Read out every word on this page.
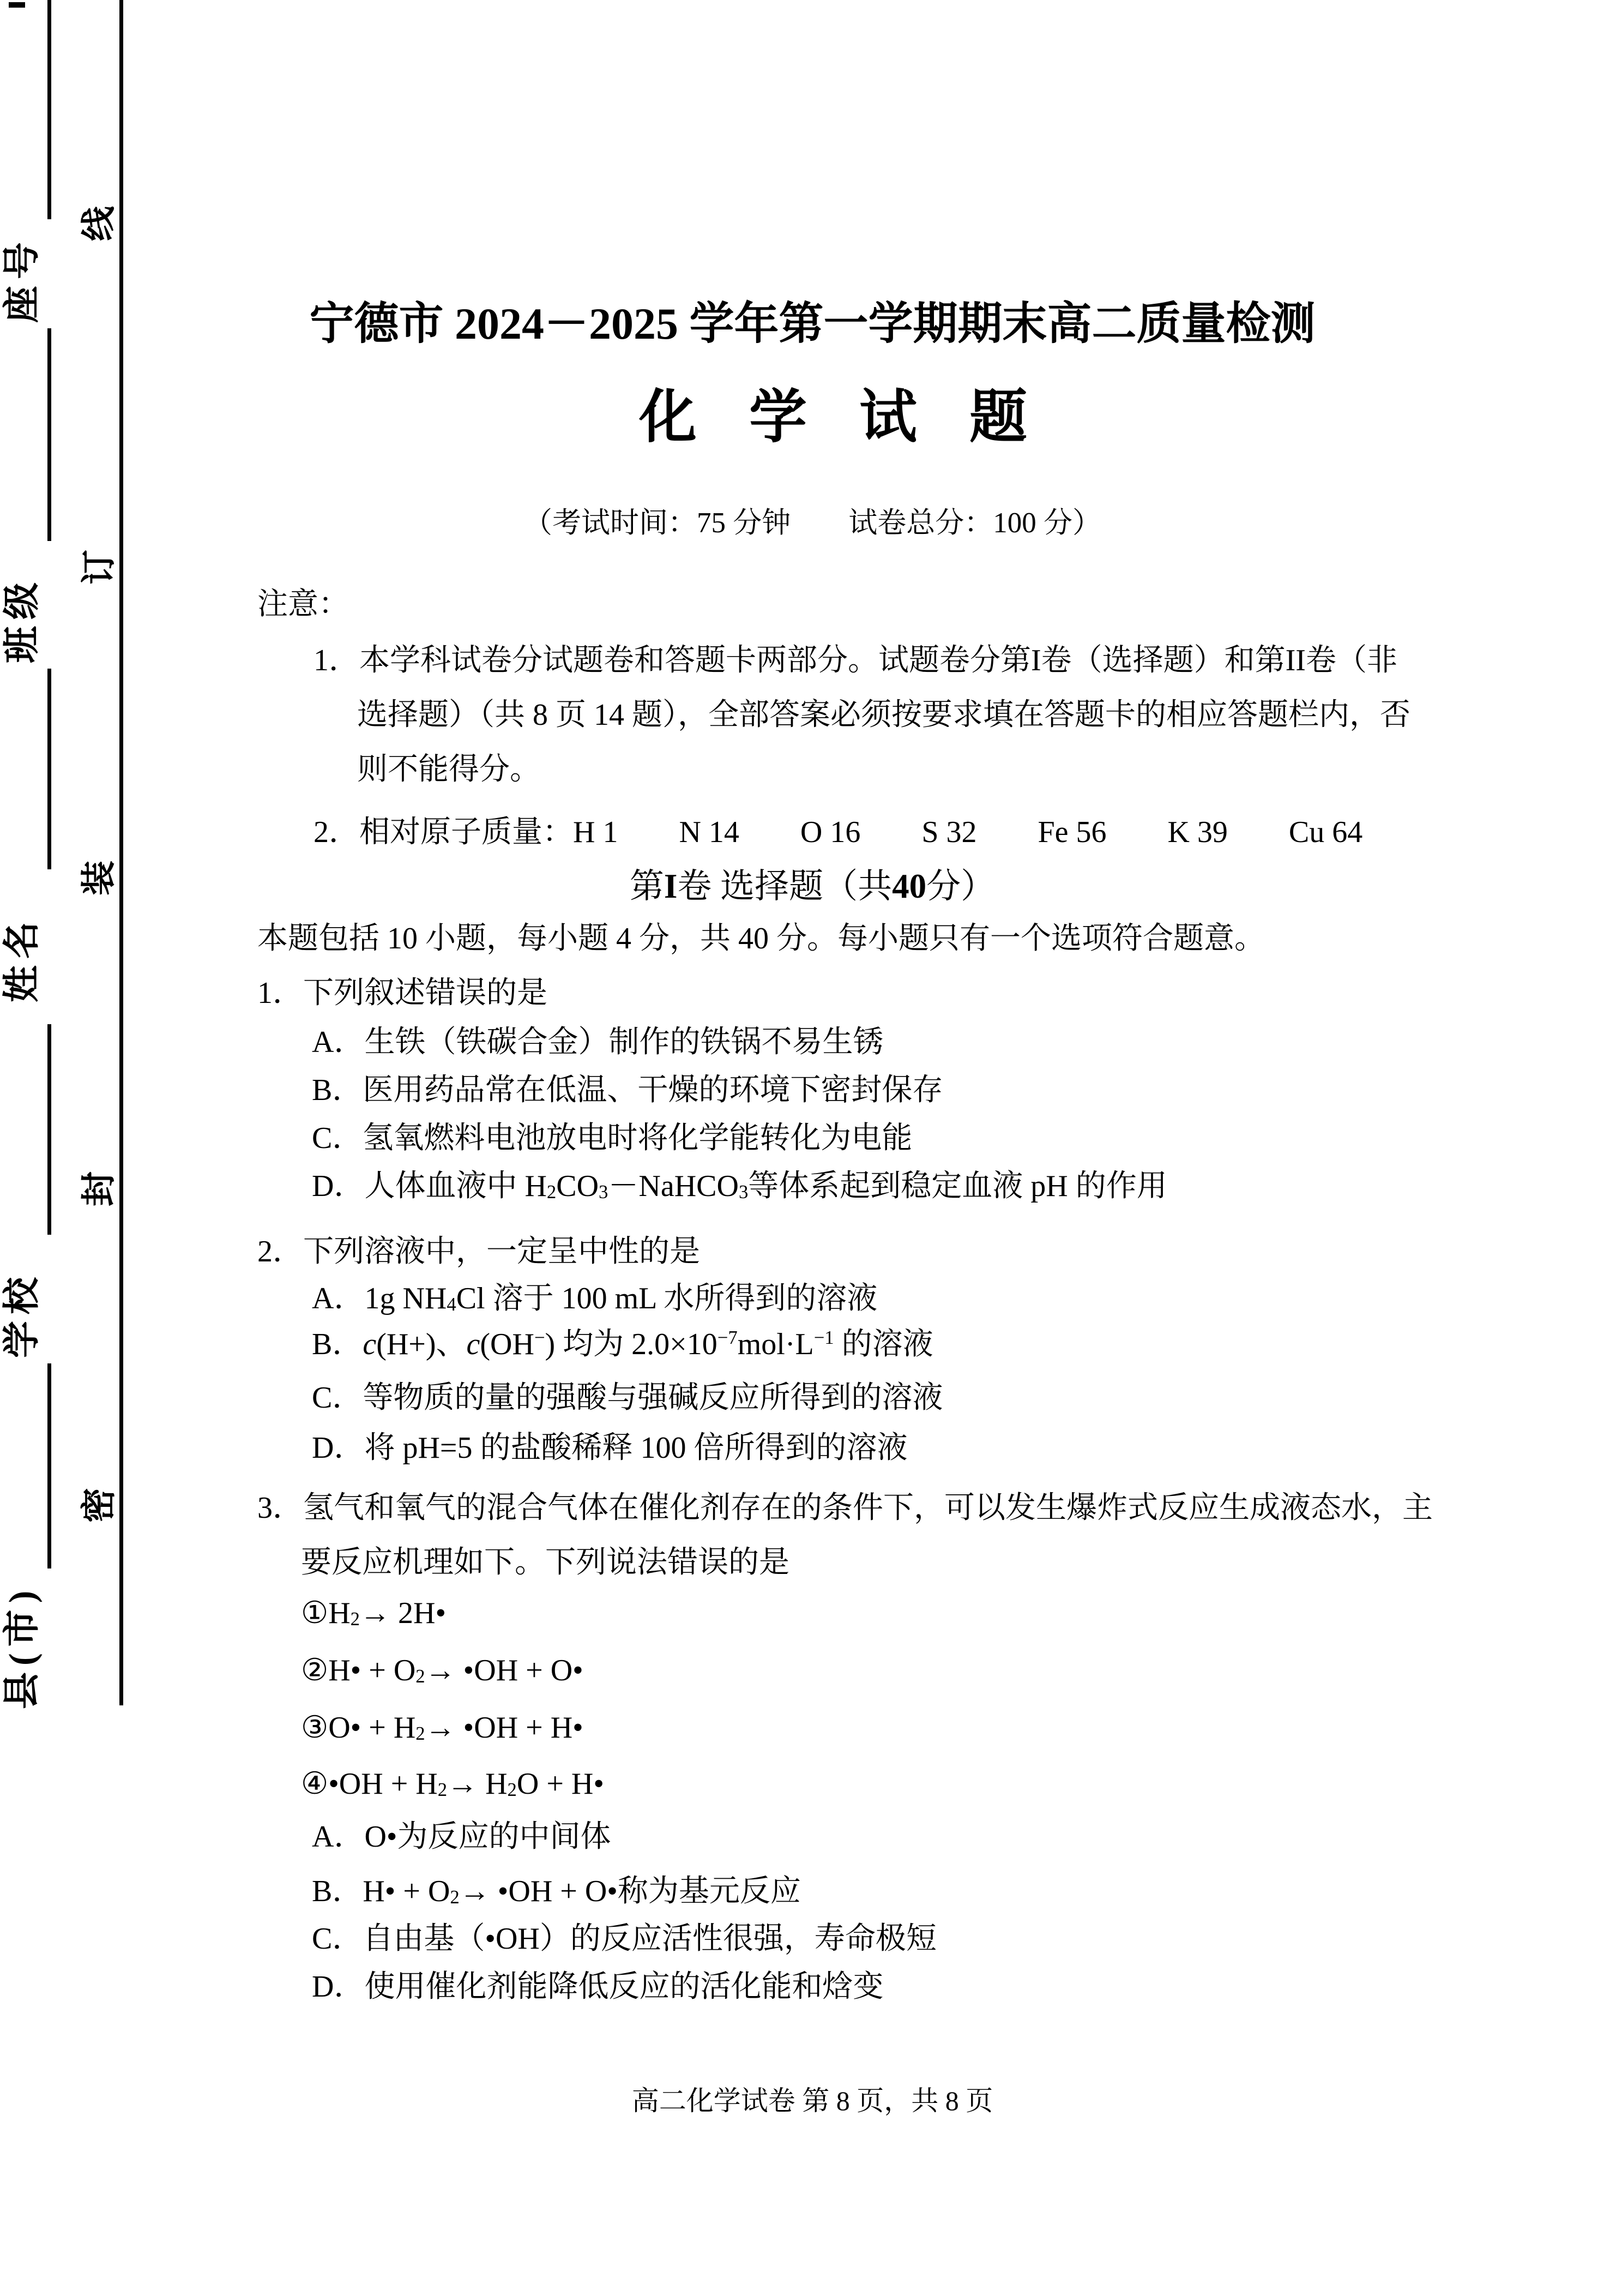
座号
班级
姓名
学校
县(市)
线
订
装
封
密
宁德市 2024－2025 学年第一学期期末高二质量检测
化学试题
（考试时间：75 分钟　　试卷总分：100 分）
注意：
1．本学科试卷分试题卷和答题卡两部分。试题卷分第I卷（选择题）和第II卷（非
选择题）（共 8 页 14 题），全部答案必须按要求填在答题卡的相应答题栏内，否
则不能得分。
2．相对原子质量：H 1　　N 14　　O 16　　S 32　　Fe 56　　K 39　　Cu 64
第I卷 选择题（共40分）
本题包括 10 小题，每小题 4 分，共 40 分。每小题只有一个选项符合题意。
1．下列叙述错误的是
A．生铁（铁碳合金）制作的铁锅不易生锈
B．医用药品常在低温、干燥的环境下密封保存
C．氢氧燃料电池放电时将化学能转化为电能
D．人体血液中 $H_2CO_3-NaHCO_3$等体系起到稳定血液 pH 的作用
2．下列溶液中，一定呈中性的是
A．1g $NH_4Cl$ 溶于 100 mL 水所得到的溶液
B．c(H+)、c(OH−) 均为 $2.0\times 10^{-7}mol\cdot L^{-1}$ 的溶液
C．等物质的量的强酸与强碱反应所得到的溶液
D．将 pH=5 的盐酸稀释 100 倍所得到的溶液
3．氢气和氧气的混合气体在催化剂存在的条件下，可以发生爆炸式反应生成液态水，主
要反应机理如下。下列说法错误的是
$①H_2\to$ 2H•
②H• + $O_2\to$ •OH + O•
③O• + $H_2\to$ •OH + H•
④•OH + $H_2\to H_2O$ + H•
A．O•为反应的中间体
B．H• + $O_2\to$ •OH + O•称为基元反应
C．自由基（•OH）的反应活性很强，寿命极短
D．使用催化剂能降低反应的活化能和焓变
高二化学试卷 第 8 页，共 8 页
